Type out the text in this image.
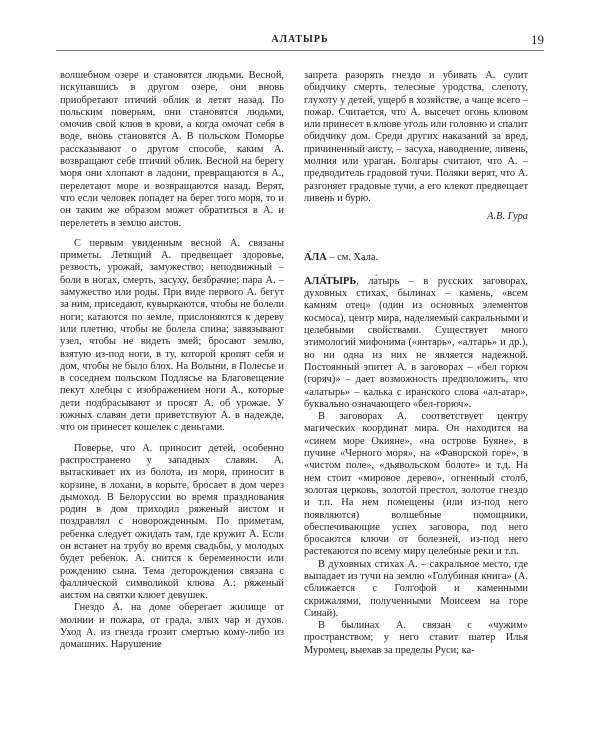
АЛАТЫРЬ	19

волшебном озере и становятся людьми. Весной, искупавшись в другом озере, они вновь приобретают птичий облик и летят назад. По польским поверьям, они становятся людьми, омочив свой клюв в крови, а когда омочат себя в воде, вновь становятся А. В польском Поморье рассказывают о другом способе, каким А. возвращают себе птичий облик. Весной на берегу моря они хлопают в ладони, превращаются в А., перелетают море и возвращаются назад. Верят, что если человек попадет на берег того моря, то и он таким же образом может обратиться в А. и перелететь в землю аистов.

С первым увиденным весной А. связаны приметы. Летящий А. предвещает здоровье, резвость, урожай, замужество; неподвижный – боли в ногах, смерть, засуху, безбрачие; пара А. – замужество или роды. При виде первого А. бегут за ним, приседают, кувыркаются, чтобы не болели ноги; катаются по земле, прислоняются к дереву или плетню, чтобы не болела спина; завязывают узел, чтобы не видеть змей; бросают землю, взятую из-под ноги, в ту, которой кропят себя и дом, чтобы не было блох. На Волыни, в Полесье и в соседнем польском Подлясье на Благовещение пекут хлебцы с изображением ноги А., которые дети подбрасывают и просят А. об урожае. У южных славян дети приветствуют А. в надежде, что он принесет кошелек с деньгами.

Поверье, что А. приносит детей, особенно распространено у западных славян. А. вытаскивает их из болота, из моря, приносит в корзине, в лохани, в корыте, бросает в дом через дымоход. В Белоруссии во время празднования родин в дом приходил ряженый аистом и поздравлял с новорожденным. По приметам, ребенка следует ожидать там, где кружит А. Если он встанет на трубу во время свадьбы, у молодых будет ребенок. А. снится к беременности или рождению сына. Тема деторождения связана с фаллической символикой клюва А.: ряженый аистом на святки клюет девушек.

Гнездо А. на доме оберегает жилище от молнии и пожара, от града, злых чар и духов. Уход А. из гнезда грозит смертью кому-либо из домашних. Нарушение

запрета разорять гнездо и убивать А. сулит обидчику смерть, телесные уродства, слепоту, глухоту у детей, ущерб в хозяйстве, а чаще всего – пожар. Считается, что А. высечет огонь клювом или принесет в клюве уголь или головню и спалит обидчику дом. Среди других наказаний за вред, причиненный аисту, – засуха, наводнение, ливень, молния или ураган. Болгары считают, что А. – предводитель градовой тучи. Поляки верят, что А. разгоняет градовые тучи, а его клекот предвещает ливень и бурю.

А.В. Гура

А́ЛА – см. Хала.

АЛА́ТЫРЬ, ла́тырь – в русских заговорах, духовных стихах, былинах – камень, «всем камням отец» (один из основных элементов космоса), центр мира, наделяемый сакральными и целебными свойствами. Существует много этимологий мифонима («янтарь», «алтарь» и др.), но ни одна из них не является надежной. Постоянный эпитет А. в заговорах – «бел горюч (горяч)» – дает возможность предположить, что «алатырь» – калька с иранского слова «ал-атар», буквально означающего «бел-горюч».

В заговорах А. соответствует центру магических координат мира. Он находится на «синем море Окияне», «на острове Буяне», в пучине «Черного моря», на «Фаворской горе», в «чистом поле», «дьявольском болоте» и т.д. На нем стоит «мировое дерево», огненный столб, золотая церковь, золотой престол, золотое гнездо и т.п. На нем помещены (или из-под него появляются) волшебные помощники, обеспечивающие успех заговора, под него бросаются ключи от болезней, из-под него растекаются по всему миру целебные реки и т.п.

В духовных стихах А. – сакральное место, где выпадает из тучи на землю «Голубиная книга» (А. сближается с Голгофой и каменными скрижалями, полученными Моисеем на горе Синай).

В былинах А. связан с «чужим» пространством; у него ставит шатер Илья Муромец, выехав за пределы Руси; ка-
